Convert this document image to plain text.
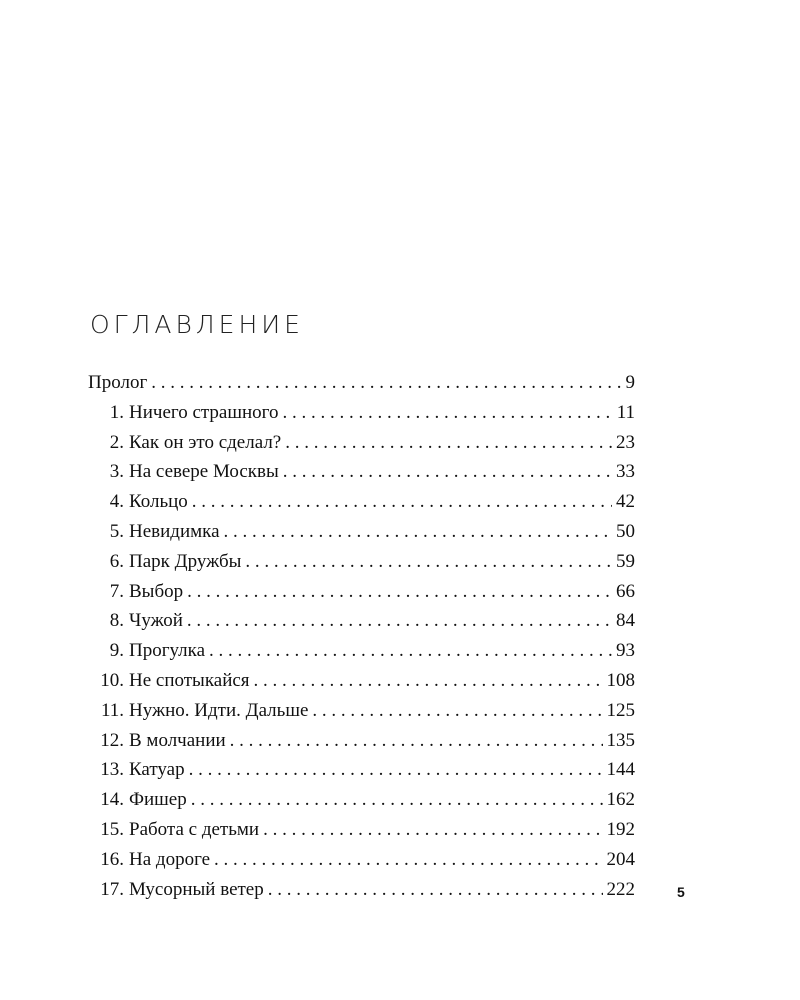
ОГЛАВЛЕНИЕ
Пролог . . .	9
1. Ничего страшного . . .	11
2. Как он это сделал? . . .	23
3. На севере Москвы . . .	33
4. Кольцо . . .	42
5. Невидимка . . .	50
6. Парк Дружбы . . .	59
7. Выбор . . .	66
8. Чужой . . .	84
9. Прогулка . . .	93
10. Не спотыкайся . . .	108
11. Нужно. Идти. Дальше . . .	125
12. В молчании . . .	135
13. Катуар . . .	144
14. Фишер . . .	162
15. Работа с детьми . . .	192
16. На дороге . . .	204
17. Мусорный ветер . . .	222	5
